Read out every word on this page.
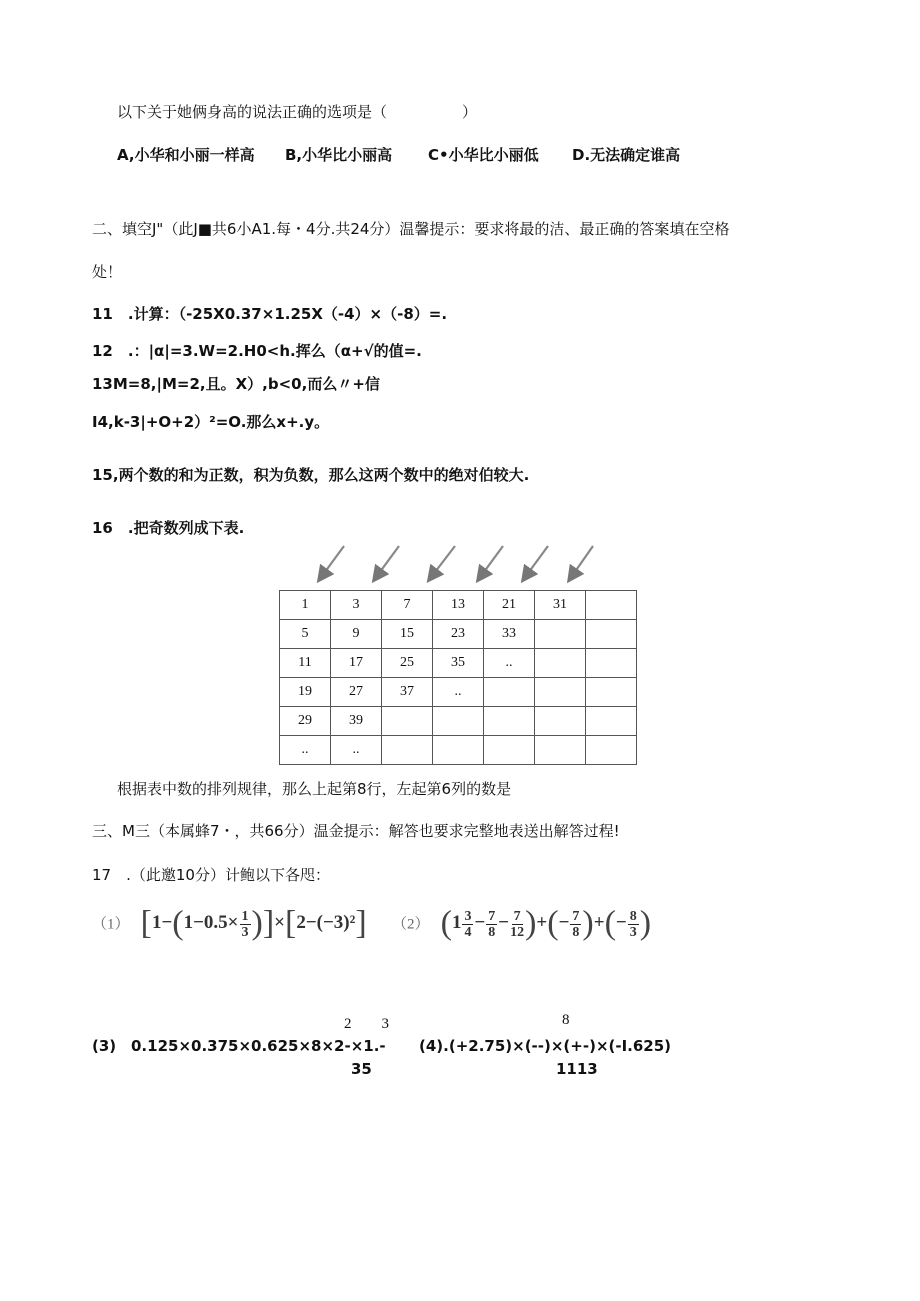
以下关于她俩身高的说法正确的选项是（　　　　　）
A,小华和小丽一样高 B,小华比小丽高 C•小华比小丽低 D.无法确定谁高
二、填空J"（此J■共6小A1.每・4分.共24分）温馨提示：要求将最的洁、最正确的答案填在空格
处！
11　.计算：（-25X0.37×1.25X（-4）×（-8）=.
12　.：|α|=3.W=2.H0<h.挥么（α+√的值=.
13M=8,|M=2,且。X）,b<0,而么〃+信
I4,k-3|+O+2）²=O.那么x+.y。
15,两个数的和为正数，积为负数，那么这两个数中的绝对伯较大.
16　.把奇数列成下表.
1	3	7	13	21	31	
5	9	15	23	33		
11	17	25	35	..		
19	27	37	..			
29	39					
..	..					
根据表中数的排列规律，那么上起第8行，左起第6列的数是
三、M三（本属蜂7・，共66分）温金提示：解答也要求完整地表送出解答过程!
17　.（此邀10分）计鲍以下各咫：
（1） $[1-(1-0.5\times \frac{1}{3} )]\times[2-(-3)^2]$ （2） ($1 \frac{3}{4} - \frac{7}{8} - \frac{7}{12}$ )+(− $\frac{7}{8}$ )+(− $\frac{8}{3}$ )
2　　3
(3) 0.125×0.375×0.625×8×2-×1.-
35
8
(4).(+2.75)×(--)×(+-)×(-I.625)
1113
